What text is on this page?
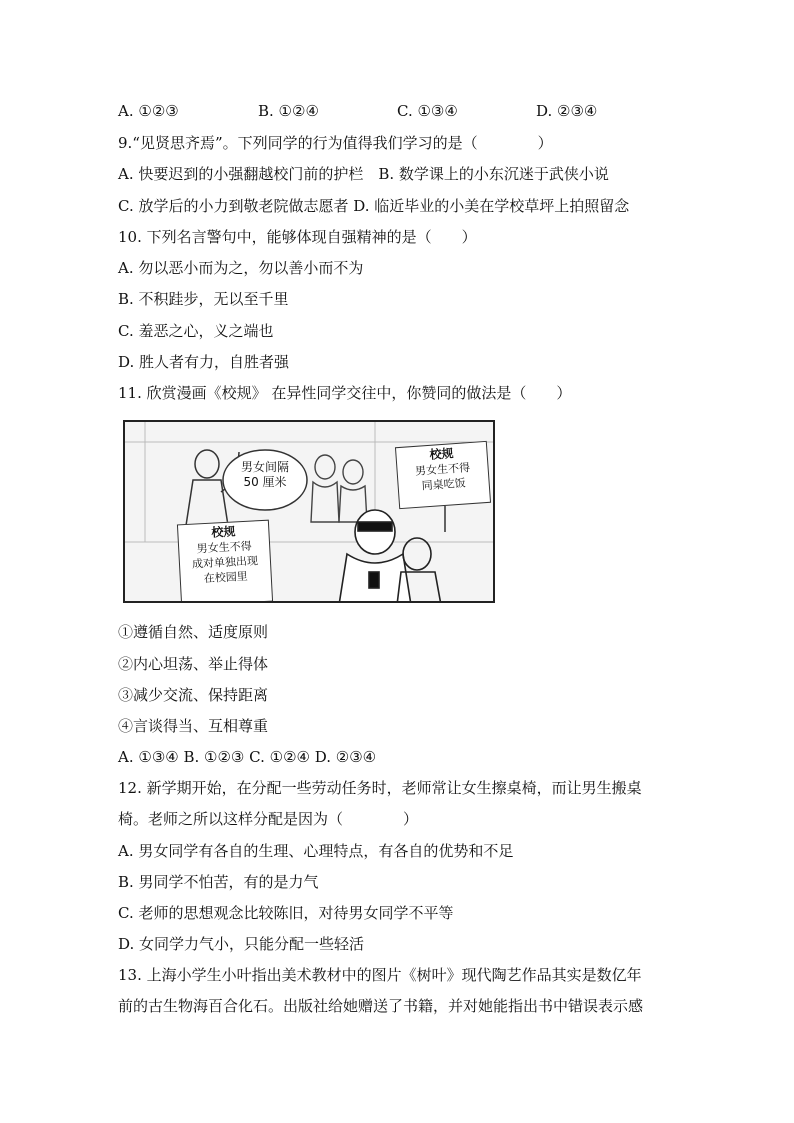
A. ①②③	B. ①②④	C. ①③④	D. ②③④
9.“见贤思齐焉”。下列同学的行为值得我们学习的是（　　　　）
A. 快要迟到的小强翻越校门前的护栏　B. 数学课上的小东沉迷于武侠小说
C. 放学后的小力到敬老院做志愿者 D. 临近毕业的小美在学校草坪上拍照留念
10. 下列名言警句中，能够体现自强精神的是（　　）
A. 勿以恶小而为之，勿以善小而不为
B. 不积跬步，无以至千里
C. 羞恶之心，义之端也
D. 胜人者有力，自胜者强
11. 欣赏漫画《校规》 在异性同学交往中，你赞同的做法是（　　）
男女间隔
50 厘米
校规
男女生不得
同桌吃饭
校规
男女生不得
成对单独出现
在校园里
①遵循自然、适度原则
②内心坦荡、举止得体
③减少交流、保持距离
④言谈得当、互相尊重
A. ①③④ B. ①②③ C. ①②④ D. ②③④
12. 新学期开始，在分配一些劳动任务时，老师常让女生擦桌椅，而让男生搬桌
椅。老师之所以这样分配是因为（　　　　）
A. 男女同学有各自的生理、心理特点，有各自的优势和不足
B. 男同学不怕苦，有的是力气
C. 老师的思想观念比较陈旧，对待男女同学不平等
D. 女同学力气小，只能分配一些轻活
13. 上海小学生小叶指出美术教材中的图片《树叶》现代陶艺作品其实是数亿年
前的古生物海百合化石。出版社给她赠送了书籍，并对她能指出书中错误表示感
